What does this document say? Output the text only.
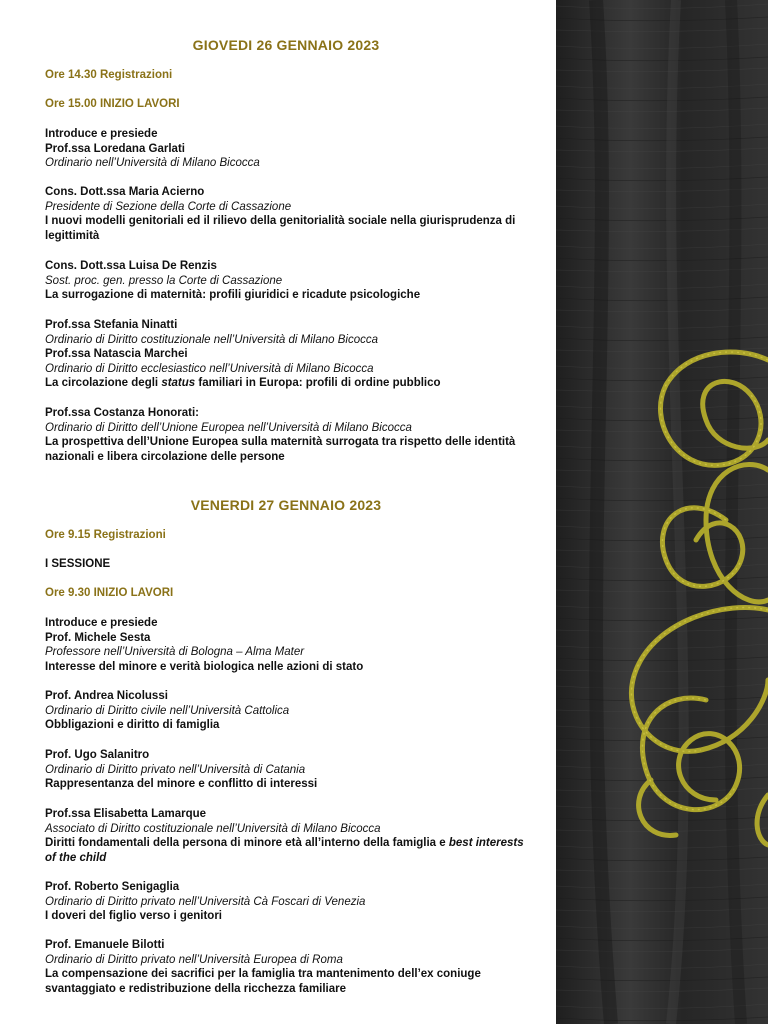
GIOVEDI 26 GENNAIO 2023
Ore 14.30 Registrazioni
Ore 15.00 INIZIO LAVORI
Introduce e presiede
Prof.ssa Loredana Garlati
Ordinario nell’Università di Milano Bicocca
Cons. Dott.ssa Maria Acierno
Presidente di Sezione della Corte di Cassazione
I nuovi modelli genitoriali ed il rilievo della genitorialità sociale nella giurisprudenza di legittimità
Cons. Dott.ssa Luisa De Renzis
Sost. proc. gen. presso la Corte di Cassazione
La surrogazione di maternità: profili giuridici e ricadute psicologiche
Prof.ssa Stefania Ninatti
Ordinario di Diritto costituzionale nell’Università di Milano Bicocca
Prof.ssa Natascia Marchei
Ordinario di Diritto ecclesiastico nell’Università di Milano Bicocca
La circolazione degli status familiari in Europa: profili di ordine pubblico
Prof.ssa Costanza Honorati:
Ordinario di Diritto dell’Unione Europea nell’Università di Milano Bicocca
La prospettiva dell’Unione Europea sulla maternità surrogata tra rispetto delle identità nazionali e libera circolazione delle persone
VENERDI 27 GENNAIO 2023
Ore 9.15 Registrazioni
I SESSIONE
Ore 9.30 INIZIO LAVORI
Introduce e presiede
Prof. Michele Sesta
Professore nell’Università di Bologna – Alma Mater
Interesse del minore e verità biologica nelle azioni di stato
Prof. Andrea Nicolussi
Ordinario di Diritto civile nell’Università Cattolica
Obbligazioni e diritto di famiglia
Prof. Ugo Salanitro
Ordinario di Diritto privato nell’Università di Catania
Rappresentanza del minore e conflitto di interessi
Prof.ssa Elisabetta Lamarque
Associato di Diritto costituzionale nell’Università di Milano Bicocca
Diritti fondamentali della persona di minore età all’interno della famiglia e best interests of the child
Prof. Roberto Senigaglia
Ordinario di Diritto privato nell’Università Cà Foscari di Venezia
I doveri del figlio verso i genitori
Prof. Emanuele Bilotti
Ordinario di Diritto privato nell’Università Europea di Roma
La compensazione dei sacrifici per la famiglia tra mantenimento dell’ex coniuge svantaggiato e redistribuzione della ricchezza familiare
